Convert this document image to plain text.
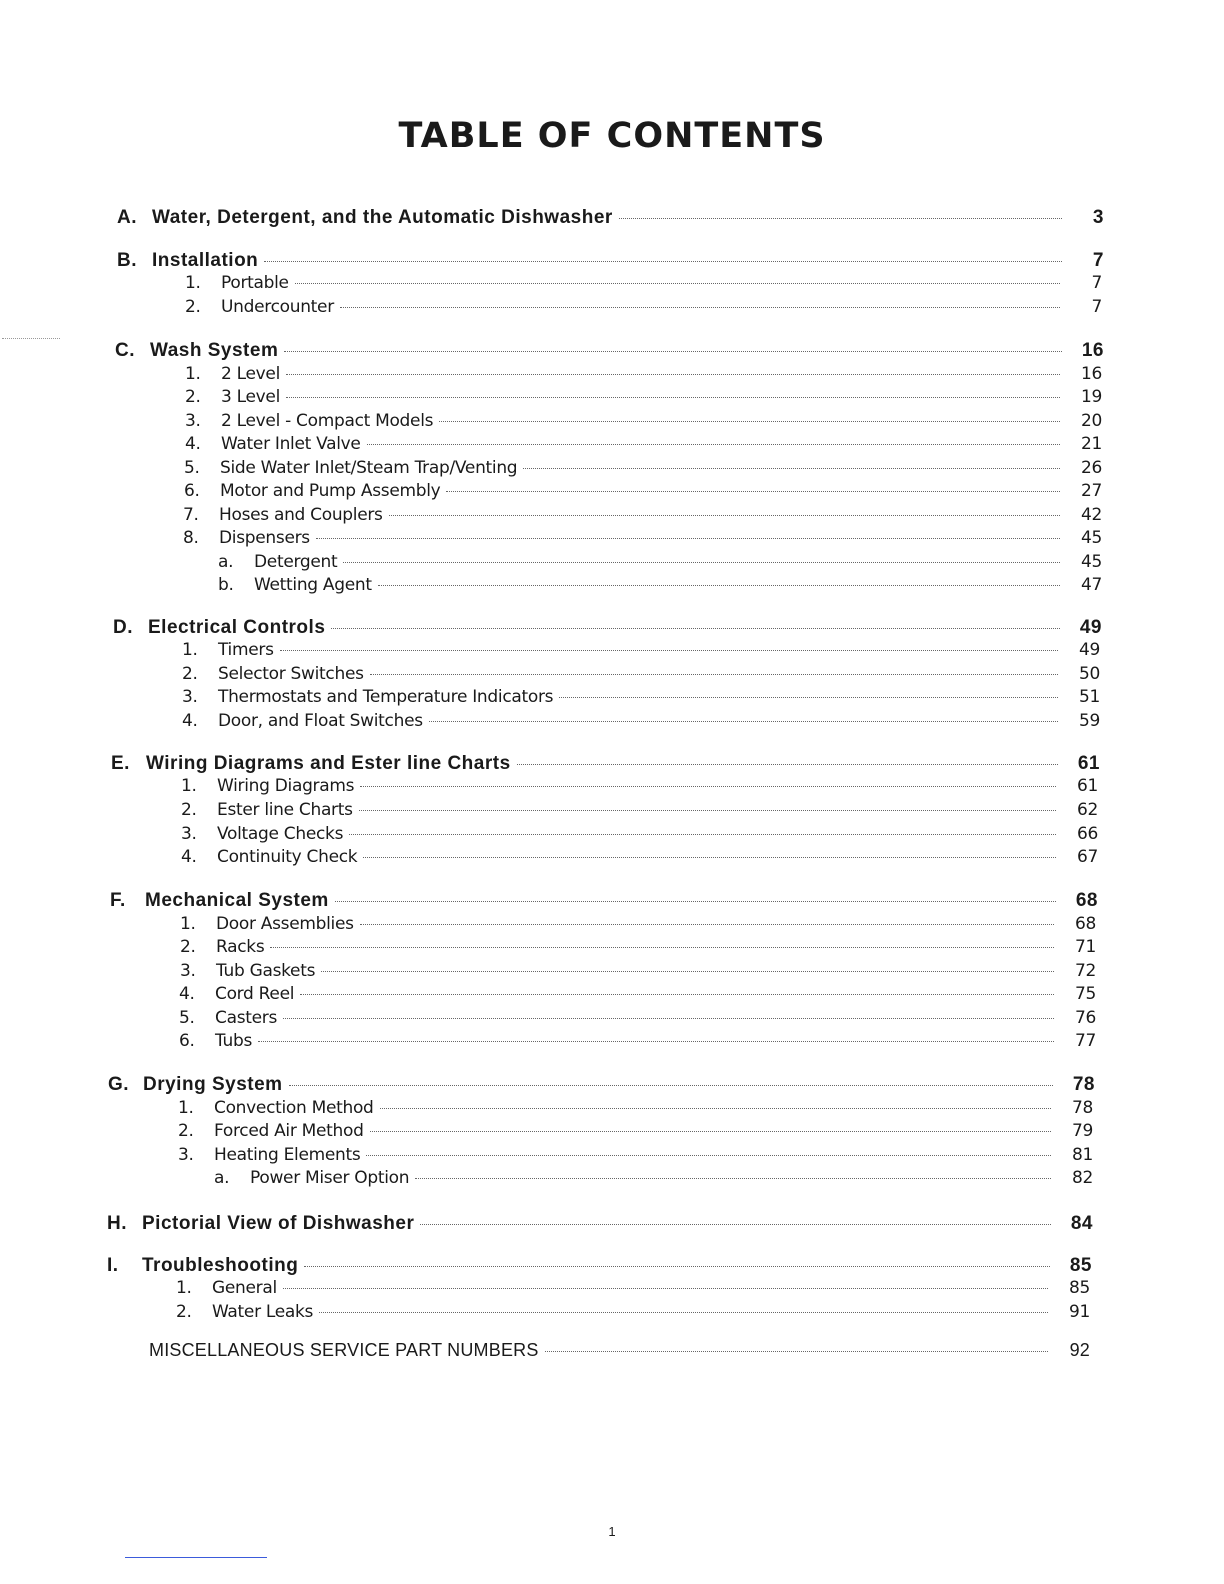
TABLE OF CONTENTS
A. Water, Detergent, and the Automatic Dishwasher	3
B. Installation	7
1.	Portable	7
2.	Undercounter	7
C. Wash System	16
1.	2 Level	16
2.	3 Level	19
3.	2 Level - Compact Models	20
4.	Water Inlet Valve	21
5.	Side Water Inlet/Steam Trap/Venting	26
6.	Motor and Pump Assembly	27
7.	Hoses and Couplers	42
8.	Dispensers	45
a.	Detergent	45
b.	Wetting Agent	47
D. Electrical Controls	49
1.	Timers	49
2.	Selector Switches	50
3.	Thermostats and Temperature Indicators	51
4.	Door, and Float Switches	59
E. Wiring Diagrams and Ester line Charts	61
1.	Wiring Diagrams	61
2.	Ester line Charts	62
3.	Voltage Checks	66
4.	Continuity Check	67
F.	Mechanical System	68
1.	Door Assemblies	68
2.	Racks	71
3.	Tub Gaskets	72
4.	Cord Reel	75
5.	Casters	76
6.	Tubs	77
G. Drying System	78
1.	Convection Method	78
2.	Forced Air Method	79
3.	Heating Elements	81
a.	Power Miser Option	82
H. Pictorial View of Dishwasher	84
I.	Troubleshooting	85
1.	General	85
2.	Water Leaks	91
MISCELLANEOUS SERVICE PART NUMBERS	92
1
